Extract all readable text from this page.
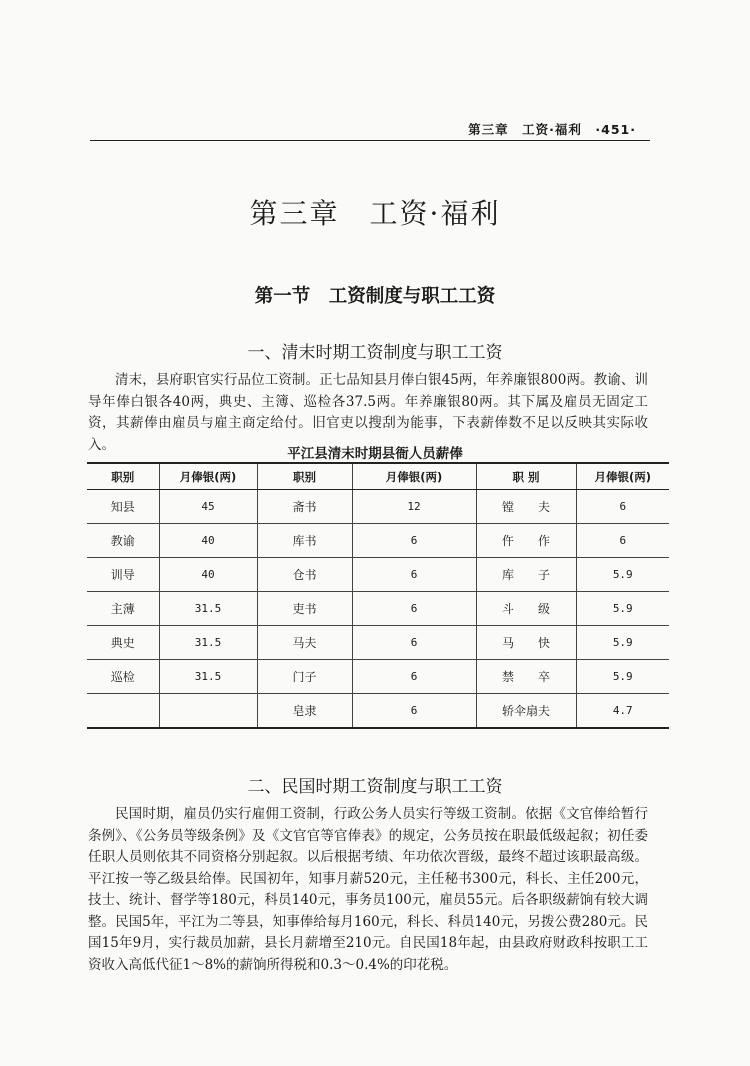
第三章　工资·福利　·451·
第三章　工资·福利
第一节　工资制度与职工工资
一、清末时期工资制度与职工工资

清末，县府职官实行品位工资制。正七品知县月俸白银45两，年养廉银800两。教谕、训导年俸白银各40两，典史、主簿、巡检各37.5两。年养廉银80两。其下属及雇员无固定工资，其薪俸由雇员与雇主商定给付。旧官吏以搜刮为能事，下表薪俸数不足以反映其实际收入。

平江县清末时期县衙人员薪俸
职别	月俸银(两)	职别	月俸银(两)	职 别	月俸银(两)
知县	45	斋书	12	镗　　夫	6
教谕	40	库书	6	仵　　作	6
训导	40	仓书	6	库　　子	5.9
主薄	31.5	吏书	6	斗　　级	5.9
典史	31.5	马夫	6	马　　快	5.9
巡检	31.5	门子	6	禁　　卒	5.9
		皂隶	6	轿伞扇夫	4.7
二、民国时期工资制度与职工工资

民国时期，雇员仍实行雇佣工资制，行政公务人员实行等级工资制。依据《文官俸给暂行条例》、《公务员等级条例》及《文官官等官俸表》的规定，公务员按在职最低级起叙；初任委任职人员则依其不同资格分别起叙。以后根据考绩、年功依次晋级，最终不超过该职最高级。平江按一等乙级县给俸。民国初年，知事月薪520元，主任秘书300元，科长、主任200元，技士、统计、督学等180元，科员140元，事务员100元，雇员55元。后各职级薪饷有较大调整。民国5年，平江为二等县，知事俸给每月160元，科长、科员140元，另拨公费280元。民国15年9月，实行裁员加薪，县长月薪增至210元。自民国18年起，由县政府财政科按职工工资收入高低代征1～8%的薪饷所得税和0.3～0.4%的印花税。
